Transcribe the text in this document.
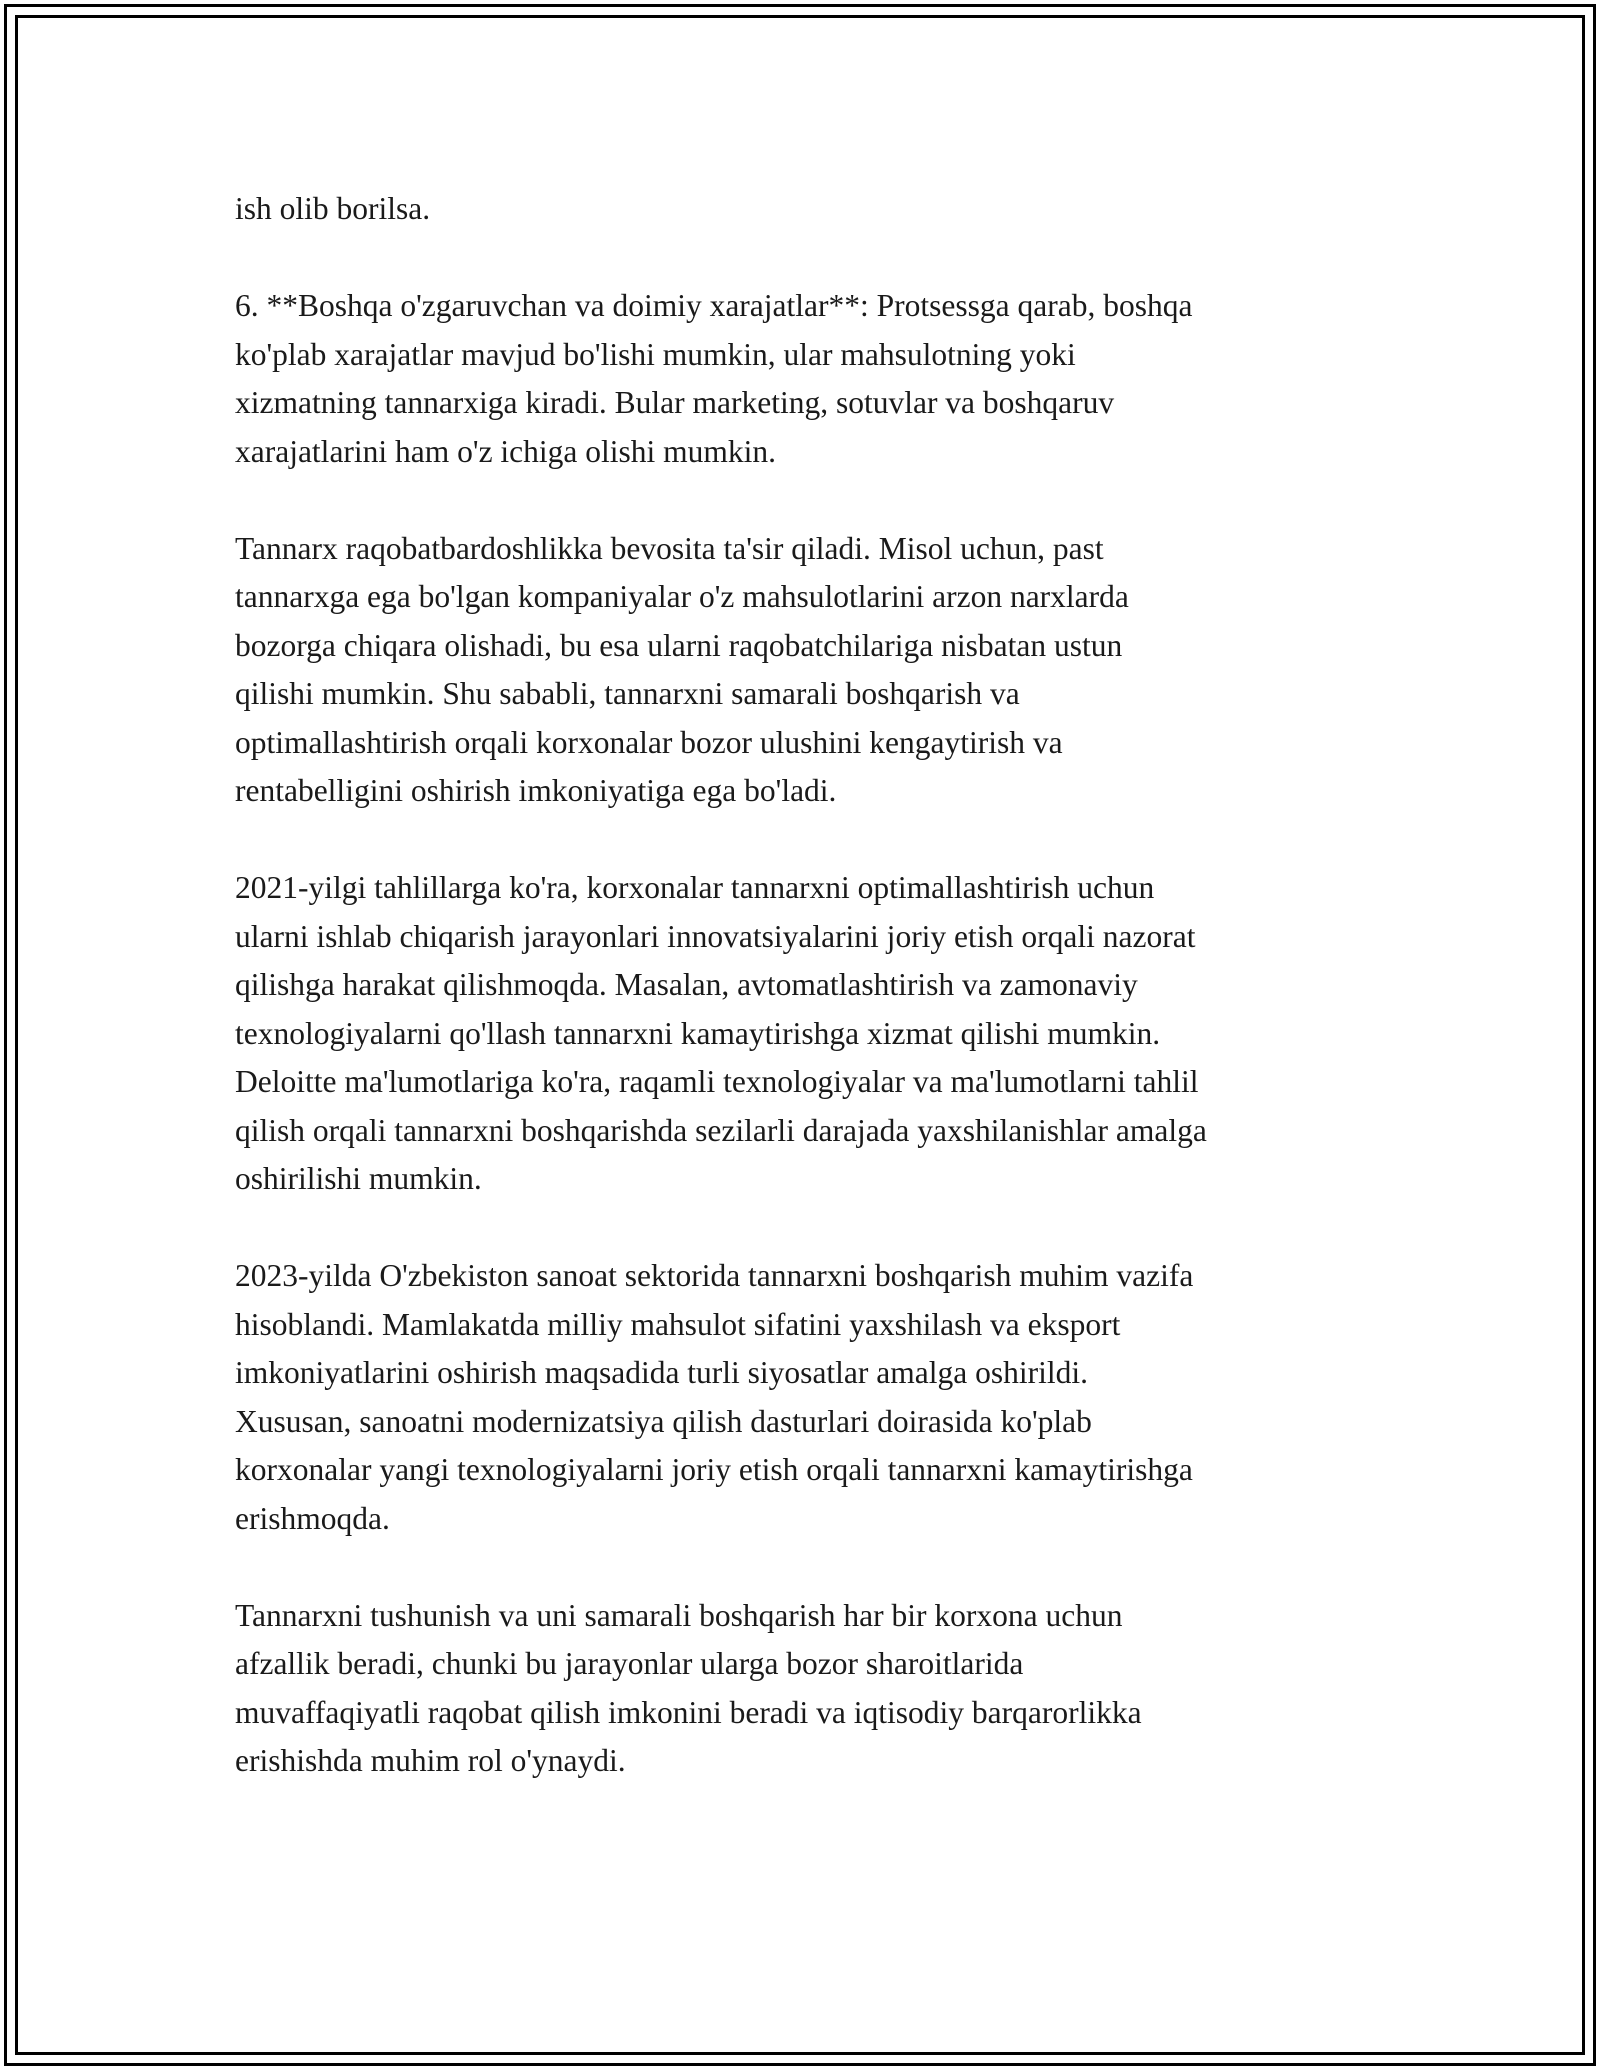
ish olib borilsa.

6. **Boshqa o'zgaruvchan va doimiy xarajatlar**: Protsessga qarab, boshqa
ko'plab xarajatlar mavjud bo'lishi mumkin, ular mahsulotning yoki
xizmatning tannarxiga kiradi. Bular marketing, sotuvlar va boshqaruv
xarajatlarini ham o'z ichiga olishi mumkin.

Tannarx raqobatbardoshlikka bevosita ta'sir qiladi. Misol uchun, past
tannarxga ega bo'lgan kompaniyalar o'z mahsulotlarini arzon narxlarda
bozorga chiqara olishadi, bu esa ularni raqobatchilariga nisbatan ustun
qilishi mumkin. Shu sababli, tannarxni samarali boshqarish va
optimallashtirish orqali korxonalar bozor ulushini kengaytirish va
rentabelligini oshirish imkoniyatiga ega bo'ladi.

2021-yilgi tahlillarga ko'ra, korxonalar tannarxni optimallashtirish uchun
ularni ishlab chiqarish jarayonlari innovatsiyalarini joriy etish orqali nazorat
qilishga harakat qilishmoqda. Masalan, avtomatlashtirish va zamonaviy
texnologiyalarni qo'llash tannarxni kamaytirishga xizmat qilishi mumkin.
Deloitte ma'lumotlariga ko'ra, raqamli texnologiyalar va ma'lumotlarni tahlil
qilish orqali tannarxni boshqarishda sezilarli darajada yaxshilanishlar amalga
oshirilishi mumkin.

2023-yilda O'zbekiston sanoat sektorida tannarxni boshqarish muhim vazifa
hisoblandi. Mamlakatda milliy mahsulot sifatini yaxshilash va eksport
imkoniyatlarini oshirish maqsadida turli siyosatlar amalga oshirildi.
Xususan, sanoatni modernizatsiya qilish dasturlari doirasida ko'plab
korxonalar yangi texnologiyalarni joriy etish orqali tannarxni kamaytirishga
erishmoqda.

Tannarxni tushunish va uni samarali boshqarish har bir korxona uchun
afzallik beradi, chunki bu jarayonlar ularga bozor sharoitlarida
muvaffaqiyatli raqobat qilish imkonini beradi va iqtisodiy barqarorlikka
erishishda muhim rol o'ynaydi.
